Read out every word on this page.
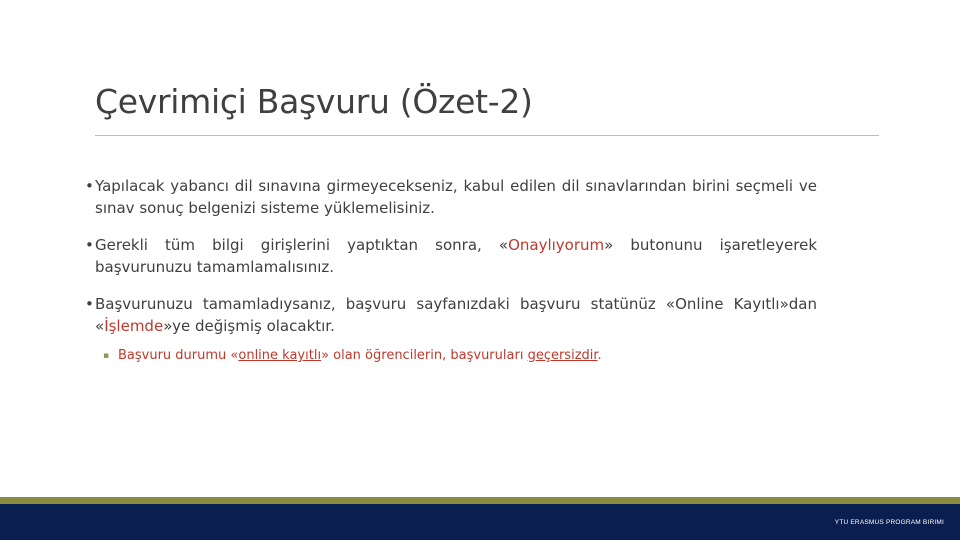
Çevrimiçi Başvuru (Özet-2)
• Yapılacak yabancı dil sınavına girmeyecekseniz, kabul edilen dil sınavlarından birini seçmeli ve sınav sonuç belgenizi sisteme yüklemelisiniz.
• Gerekli tüm bilgi girişlerini yaptıktan sonra, «Onaylıyorum» butonunu işaretleyerek başvurunuzu tamamlamalısınız.
• Başvurunuzu tamamladıysanız, başvuru sayfanızdaki başvuru statünüz «Online Kayıtlı»dan «İşlemde»ye değişmiş olacaktır.
▪ Başvuru durumu «online kayıtlı» olan öğrencilerin, başvuruları geçersizdir.
YTU ERASMUS PROGRAM BIRIMI
